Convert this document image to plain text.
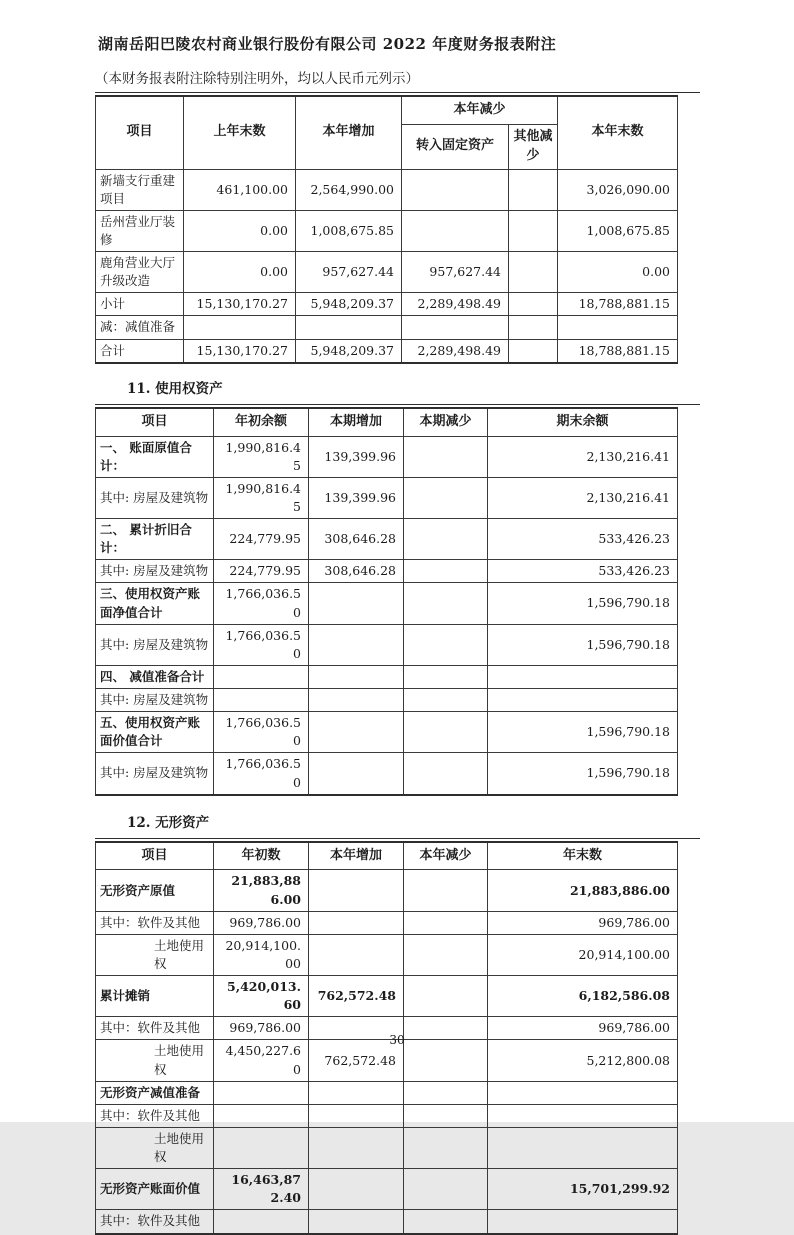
湖南岳阳巴陵农村商业银行股份有限公司 2022 年度财务报表附注

（本财务报表附注除特别注明外，均以人民币元列示）

项目	上年末数	本年增加	本年减少		本年末数
			转入固定资产	其他减少	
新墙支行重建项目	461,100.00	2,564,990.00			3,026,090.00
岳州营业厅装修	0.00	1,008,675.85			1,008,675.85
鹿角营业大厅升级改造	0.00	957,627.44	957,627.44		0.00
小计	15,130,170.27	5,948,209.37	2,289,498.49		18,788,881.15
减：减值准备					
合计	15,130,170.27	5,948,209.37	2,289,498.49		18,788,881.15

11. 使用权资产

项目	年初余额	本期增加	本期减少	期末余额
一、 账面原值合计：	1,990,816.45	139,399.96		2,130,216.41
其中: 房屋及建筑物	1,990,816.45	139,399.96		2,130,216.41
二、 累计折旧合计：	224,779.95	308,646.28		533,426.23
其中: 房屋及建筑物	224,779.95	308,646.28		533,426.23
三、使用权资产账面净值合计	1,766,036.50			1,596,790.18
其中: 房屋及建筑物	1,766,036.50			1,596,790.18
四、 减值准备合计				
其中: 房屋及建筑物				
五、使用权资产账面价值合计	1,766,036.50			1,596,790.18
其中: 房屋及建筑物	1,766,036.50			1,596,790.18

12. 无形资产

项目	年初数	本年增加	本年减少	年末数
无形资产原值	21,883,886.00			21,883,886.00
其中：软件及其他	969,786.00			969,786.00
土地使用权	20,914,100.00			20,914,100.00
累计摊销	5,420,013.60	762,572.48		6,182,586.08
其中：软件及其他	969,786.00			969,786.00
土地使用权	4,450,227.60	762,572.48		5,212,800.08
无形资产减值准备				
其中：软件及其他				
土地使用权				
无形资产账面价值	16,463,872.40			15,701,299.92
其中：软件及其他				
30
